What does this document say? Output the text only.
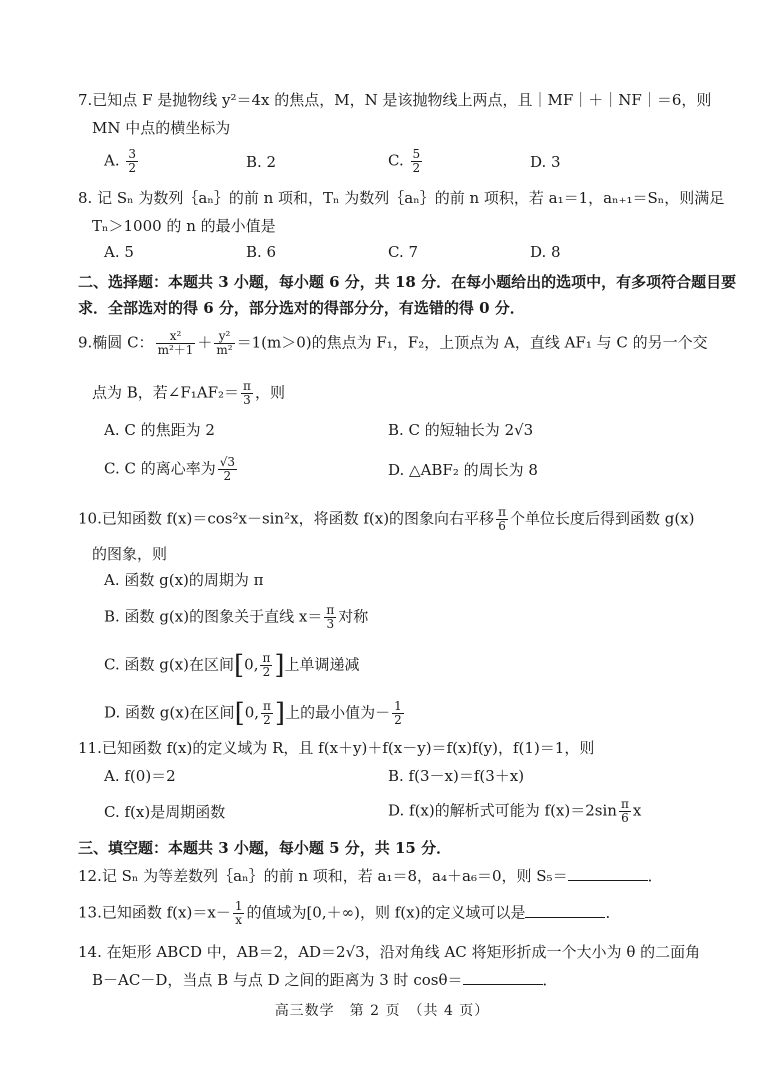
7.已知点 F 是抛物线 y²＝4x 的焦点，M，N 是该抛物线上两点，且｜MF｜＋｜NF｜＝6，则
MN 中点的横坐标为
A. $\frac{3}{2}$	B. 2	C. $\frac{5}{2}$	D. 3
8. 记 Sₙ 为数列｛aₙ｝的前 n 项和，Tₙ 为数列｛aₙ｝的前 n 项积，若 a₁＝1，aₙ₊₁＝Sₙ，则满足
Tₙ＞1000 的 n 的最小值是
A. 5	B. 6	C. 7	D. 8
二、选择题：本题共 3 小题，每小题 6 分，共 18 分．在每小题给出的选项中，有多项符合题目要
求．全部选对的得 6 分，部分选对的得部分分，有选错的得 0 分．
9.椭圆 C： $\frac{\text{x²}}{\text{m²＋1}} + \frac{\text{y²}}{\text{m²}} =1(m>0)$的焦点为 F₁，F₂，上顶点为 A，直线 AF₁ 与 C 的另一个交
点为 B，若∠F₁AF₂＝ $\frac{\pi}{3}$ ，则
A. C 的焦距为 2	B. C 的短轴长为 2√3
C. C 的离心率为 $\frac{√3}{2}$	D. △ABF₂ 的周长为 8
10.已知函数 f(x)＝cos²x－sin²x，将函数 f(x)的图象向右平移 $\frac{\pi}{6}$ 个单位长度后得到函数 g(x)
的图象，则
A. 函数 g(x)的周期为 π
B. 函数 g(x)的图象关于直线 $x= \frac{\pi}{3}$ 对称
C. 函数 g(x)在区间[0, $\frac{\pi}{2}$ ]上单调递减
D. 函数 g(x)在区间[0, $\frac{\pi}{2}$ ]上的最小值为－ $\frac{1}{2}$
11.已知函数 f(x)的定义域为 R，且 f(x＋y)＋f(x－y)＝f(x)f(y)，f(1)＝1，则
A. f(0)＝2	B. f(3－x)＝f(3＋x)
C. f(x)是周期函数	D. f(x)的解析式可能为 $f(x)=2\sin \frac{\pi}{6}$ x
三、填空题：本题共 3 小题，每小题 5 分，共 15 分．
12.记 Sₙ 为等差数列｛aₙ｝的前 n 项和，若 a₁＝8，a₄＋a₆＝0，则 S₅＝	．
13.已知函数 $f(x)=x- \frac{1}{x}$ 的值域为[0,＋∞)，则 f(x)的定义域可以是	．
14. 在矩形 ABCD 中，AB＝2，AD＝2√3，沿对角线 AC 将矩形折成一个大小为 θ 的二面角
B－AC－D，当点 B 与点 D 之间的距离为 3 时 cosθ＝	．
高三数学　第 2 页　（共 4 页）
